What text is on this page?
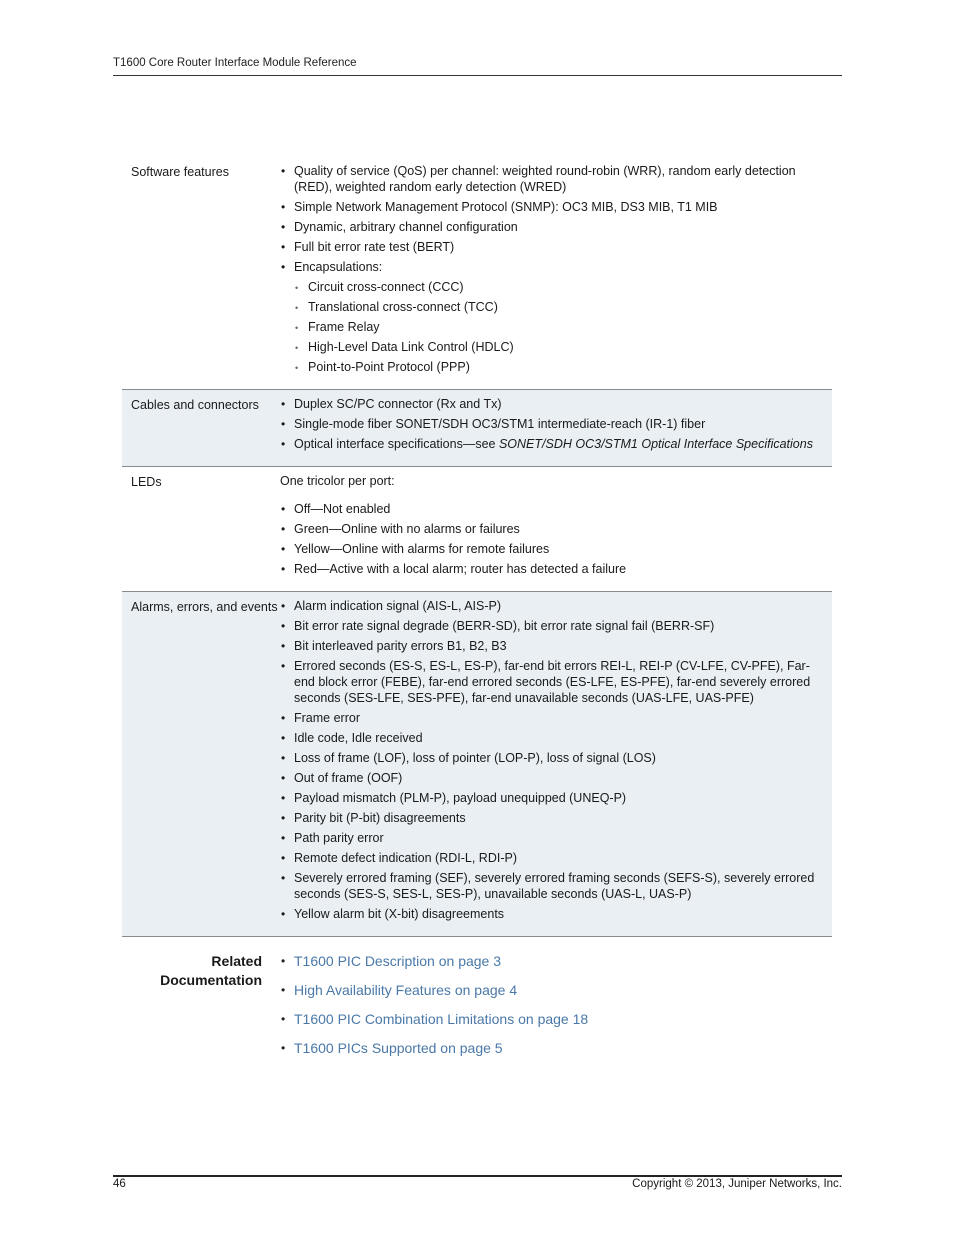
T1600 Core Router Interface Module Reference
Software features	• Quality of service (QoS) per channel: weighted round-robin (WRR), random early detection (RED), weighted random early detection (WRED)
• Simple Network Management Protocol (SNMP): OC3 MIB, DS3 MIB, T1 MIB
• Dynamic, arbitrary channel configuration
• Full bit error rate test (BERT)
• Encapsulations:
• Circuit cross-connect (CCC)
• Translational cross-connect (TCC)
• Frame Relay
• High-Level Data Link Control (HDLC)
• Point-to-Point Protocol (PPP)
Cables and connectors	• Duplex SC/PC connector (Rx and Tx)
• Single-mode fiber SONET/SDH OC3/STM1 intermediate-reach (IR-1) fiber
• Optical interface specifications—see SONET/SDH OC3/STM1 Optical Interface Specifications
LEDs	One tricolor per port:

• Off—Not enabled
• Green—Online with no alarms or failures
• Yellow—Online with alarms for remote failures
• Red—Active with a local alarm; router has detected a failure
Alarms, errors, and events	• Alarm indication signal (AIS-L, AIS-P)
• Bit error rate signal degrade (BERR-SD), bit error rate signal fail (BERR-SF)
• Bit interleaved parity errors B1, B2, B3
• Errored seconds (ES-S, ES-L, ES-P), far-end bit errors REI-L, REI-P (CV-LFE, CV-PFE), Far-end block error (FEBE), far-end errored seconds (ES-LFE, ES-PFE), far-end severely errored seconds (SES-LFE, SES-PFE), far-end unavailable seconds (UAS-LFE, UAS-PFE)
• Frame error
• Idle code, Idle received
• Loss of frame (LOF), loss of pointer (LOP-P), loss of signal (LOS)
• Out of frame (OOF)
• Payload mismatch (PLM-P), payload unequipped (UNEQ-P)
• Parity bit (P-bit) disagreements
• Path parity error
• Remote defect indication (RDI-L, RDI-P)
• Severely errored framing (SEF), severely errored framing seconds (SEFS-S), severely errored seconds (SES-S, SES-L, SES-P), unavailable seconds (UAS-L, UAS-P)
• Yellow alarm bit (X-bit) disagreements
Related
Documentation
• T1600 PIC Description on page 3
• High Availability Features on page 4
• T1600 PIC Combination Limitations on page 18
• T1600 PICs Supported on page 5
46	Copyright © 2013, Juniper Networks, Inc.
